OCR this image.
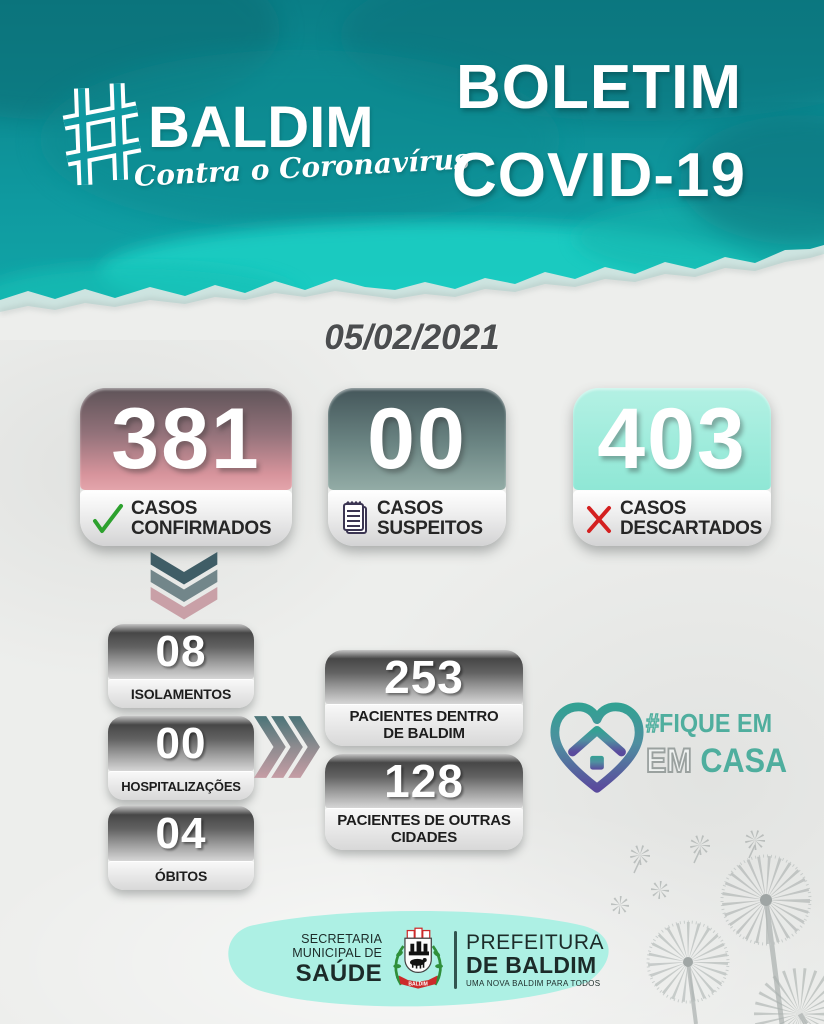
BALDIM
Contra o Coronavírus
BOLETIM
COVID-19
05/02/2021
381
CASOS
CONFIRMADOS
00
CASOS
SUSPEITOS
403
CASOS
DESCARTADOS
08
ISOLAMENTOS
00
HOSPITALIZAÇÕES
04
ÓBITOS
253
PACIENTES DENTRO
DE BALDIM
128
PACIENTES DE OUTRAS
CIDADES
#FIQUE EM
EM CASA
SECRETARIA MUNICIPAL DE
SAÚDE	BALDIM
PREFEITURA
DE BALDIM
UMA NOVA BALDIM PARA TODOS
